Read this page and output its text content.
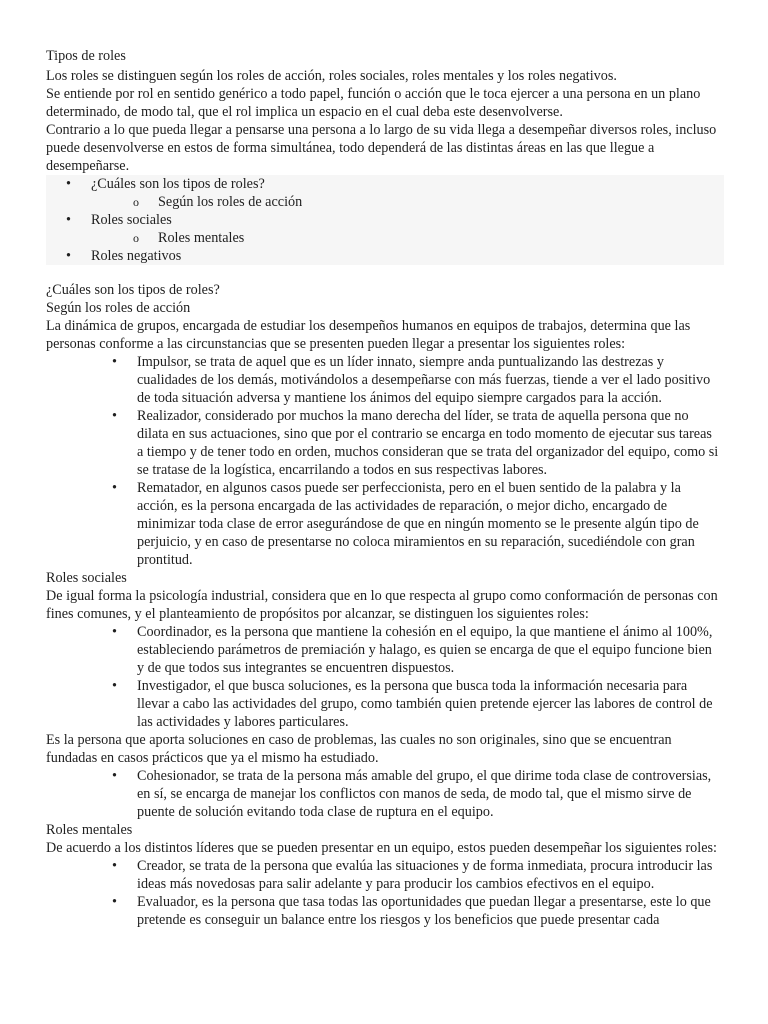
Tipos de roles

Los roles se distinguen según los roles de acción, roles sociales, roles mentales y los roles negativos.

Se entiende por rol en sentido genérico a todo papel, función o acción que le toca ejercer a una persona en un plano determinado, de modo tal, que el rol implica un espacio en el cual deba este desenvolverse.

Contrario a lo que pueda llegar a pensarse una persona a lo largo de su vida llega a desempeñar diversos roles, incluso puede desenvolverse en estos de forma simultánea, todo dependerá de las distintas áreas en las que llegue a desempeñarse.

• ¿Cuáles son los tipos de roles?
o Según los roles de acción
• Roles sociales
o Roles mentales
• Roles negativos

¿Cuáles son los tipos de roles?

Según los roles de acción

La dinámica de grupos, encargada de estudiar los desempeños humanos en equipos de trabajos, determina que las personas conforme a las circunstancias que se presenten pueden llegar a presentar los siguientes roles:

• Impulsor, se trata de aquel que es un líder innato, siempre anda puntualizando las destrezas y cualidades de los demás, motivándolos a desempeñarse con más fuerzas, tiende a ver el lado positivo de toda situación adversa y mantiene los ánimos del equipo siempre cargados para la acción.
• Realizador, considerado por muchos la mano derecha del líder, se trata de aquella persona que no dilata en sus actuaciones, sino que por el contrario se encarga en todo momento de ejecutar sus tareas a tiempo y de tener todo en orden, muchos consideran que se trata del organizador del equipo, como si se tratase de la logística, encarrilando a todos en sus respectivas labores.
• Rematador, en algunos casos puede ser perfeccionista, pero en el buen sentido de la palabra y la acción, es la persona encargada de las actividades de reparación, o mejor dicho, encargado de minimizar toda clase de error asegurándose de que en ningún momento se le presente algún tipo de perjuicio, y en caso de presentarse no coloca miramientos en su reparación, sucediéndole con gran prontitud.

Roles sociales

De igual forma la psicología industrial, considera que en lo que respecta al grupo como conformación de personas con fines comunes, y el planteamiento de propósitos por alcanzar, se distinguen los siguientes roles:

• Coordinador, es la persona que mantiene la cohesión en el equipo, la que mantiene el ánimo al 100%, estableciendo parámetros de premiación y halago, es quien se encarga de que el equipo funcione bien y de que todos sus integrantes se encuentren dispuestos.
• Investigador, el que busca soluciones, es la persona que busca toda la información necesaria para llevar a cabo las actividades del grupo, como también quien pretende ejercer las labores de control de las actividades y labores particulares.

Es la persona que aporta soluciones en caso de problemas, las cuales no son originales, sino que se encuentran fundadas en casos prácticos que ya el mismo ha estudiado.

• Cohesionador, se trata de la persona más amable del grupo, el que dirime toda clase de controversias, en sí, se encarga de manejar los conflictos con manos de seda, de modo tal, que el mismo sirve de puente de solución evitando toda clase de ruptura en el equipo.

Roles mentales

De acuerdo a los distintos líderes que se pueden presentar en un equipo, estos pueden desempeñar los siguientes roles:

• Creador, se trata de la persona que evalúa las situaciones y de forma inmediata, procura introducir las ideas más novedosas para salir adelante y para producir los cambios efectivos en el equipo.
• Evaluador, es la persona que tasa todas las oportunidades que puedan llegar a presentarse, este lo que pretende es conseguir un balance entre los riesgos y los beneficios que puede presentar cada
